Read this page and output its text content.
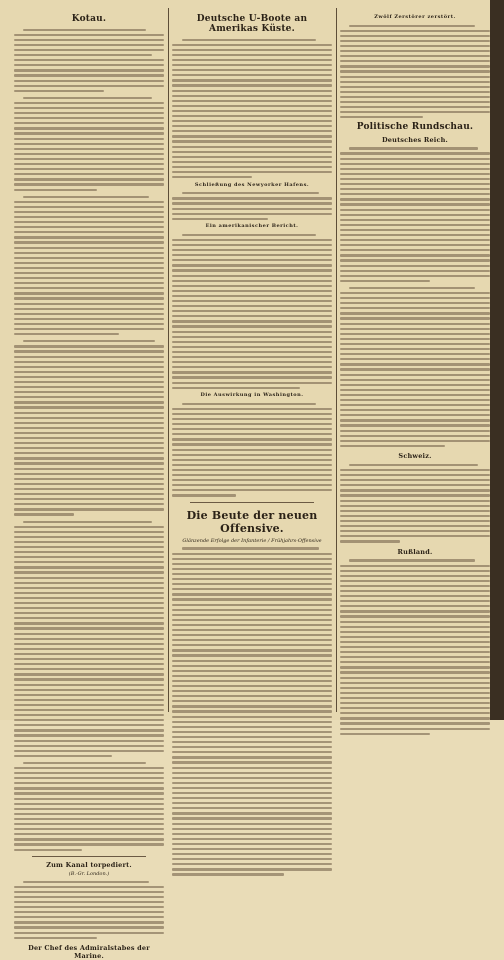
Kotau.
Zum Kanal torpediert.
(B.-Gr. London.)
Der Chef des Admiralstabes der Marine.
Deutsche U-Boote an Amerikas Küste.
Schließung des Newyorker Hafens.
Ein amerikanischer Bericht.
Die Auswirkung in Washington.
Die Beute der neuen Offensive.
Glänzende Erfolge der Infanterie / Frühjahrs-Offensive
Zwölf Zerstörer zerstört.
Politische Rundschau.
Deutsches Reich.
Schweiz.
Rußland.
